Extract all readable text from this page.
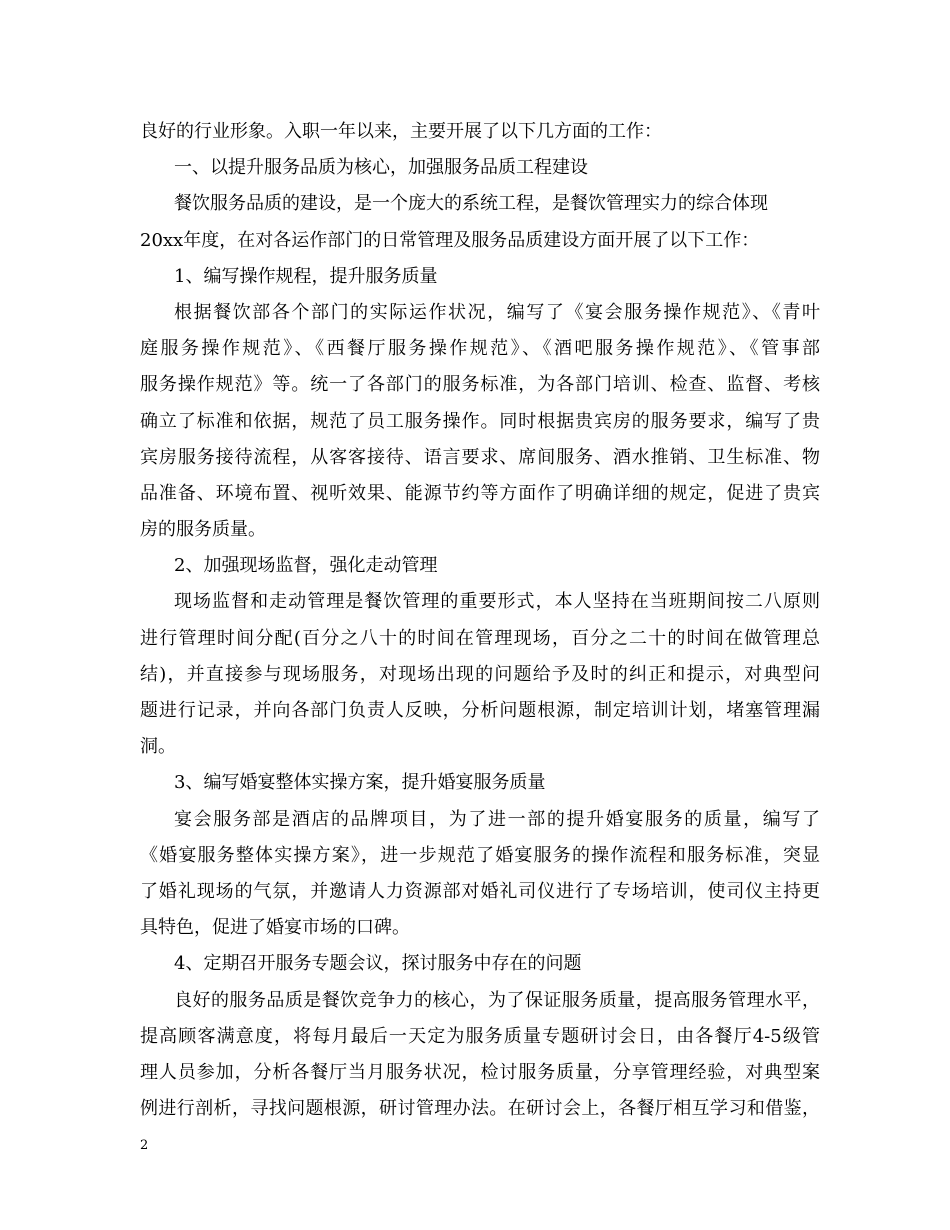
良好的行业形象。入职一年以来，主要开展了以下几方面的工作：
一、以提升服务品质为核心，加强服务品质工程建设
餐饮服务品质的建设，是一个庞大的系统工程，是餐饮管理实力的综合体现
20xx年度，在对各运作部门的日常管理及服务品质建设方面开展了以下工作：
1、编写操作规程，提升服务质量
根据餐饮部各个部门的实际运作状况，编写了《宴会服务操作规范》、《青叶
庭服务操作规范》、《西餐厅服务操作规范》、《酒吧服务操作规范》、《管事部
服务操作规范》等。统一了各部门的服务标准，为各部门培训、检查、监督、考核
确立了标准和依据，规范了员工服务操作。同时根据贵宾房的服务要求，编写了贵
宾房服务接待流程，从客客接待、语言要求、席间服务、酒水推销、卫生标准、物
品准备、环境布置、视听效果、能源节约等方面作了明确详细的规定，促进了贵宾
房的服务质量。
2、加强现场监督，强化走动管理
现场监督和走动管理是餐饮管理的重要形式，本人坚持在当班期间按二八原则
进行管理时间分配(百分之八十的时间在管理现场，百分之二十的时间在做管理总
结)，并直接参与现场服务，对现场出现的问题给予及时的纠正和提示，对典型问
题进行记录，并向各部门负责人反映，分析问题根源，制定培训计划，堵塞管理漏
洞。
3、编写婚宴整体实操方案，提升婚宴服务质量
宴会服务部是酒店的品牌项目，为了进一部的提升婚宴服务的质量，编写了
《婚宴服务整体实操方案》，进一步规范了婚宴服务的操作流程和服务标准，突显
了婚礼现场的气氛，并邀请人力资源部对婚礼司仪进行了专场培训，使司仪主持更
具特色，促进了婚宴市场的口碑。
4、定期召开服务专题会议，探讨服务中存在的问题
良好的服务品质是餐饮竞争力的核心，为了保证服务质量，提高服务管理水平，
提高顾客满意度，将每月最后一天定为服务质量专题研讨会日，由各餐厅4-5级管
理人员参加，分析各餐厅当月服务状况，检讨服务质量，分享管理经验，对典型案
例进行剖析，寻找问题根源，研讨管理办法。在研讨会上，各餐厅相互学习和借鉴，
2
